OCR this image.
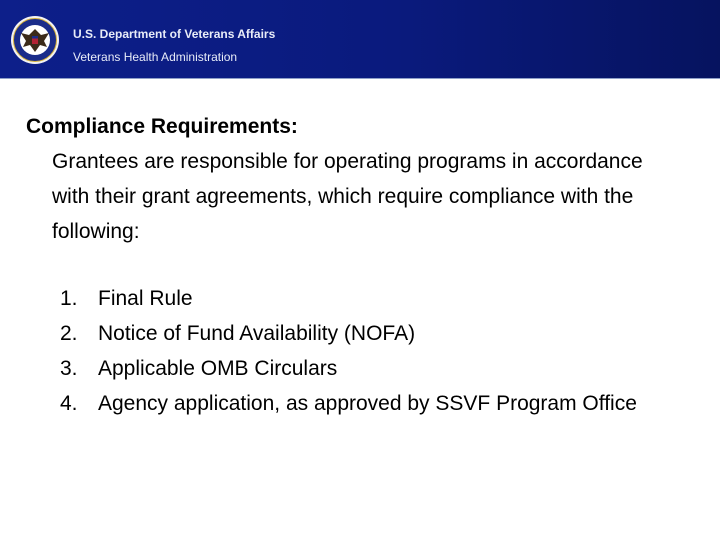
U.S. Department of Veterans Affairs
Veterans Health Administration
Compliance Requirements:

Grantees are responsible for operating programs in accordance with their grant agreements, which require compliance with the following:

1. Final Rule
2. Notice of Fund Availability (NOFA)
3. Applicable OMB Circulars
4. Agency application, as approved by SSVF Program Office
